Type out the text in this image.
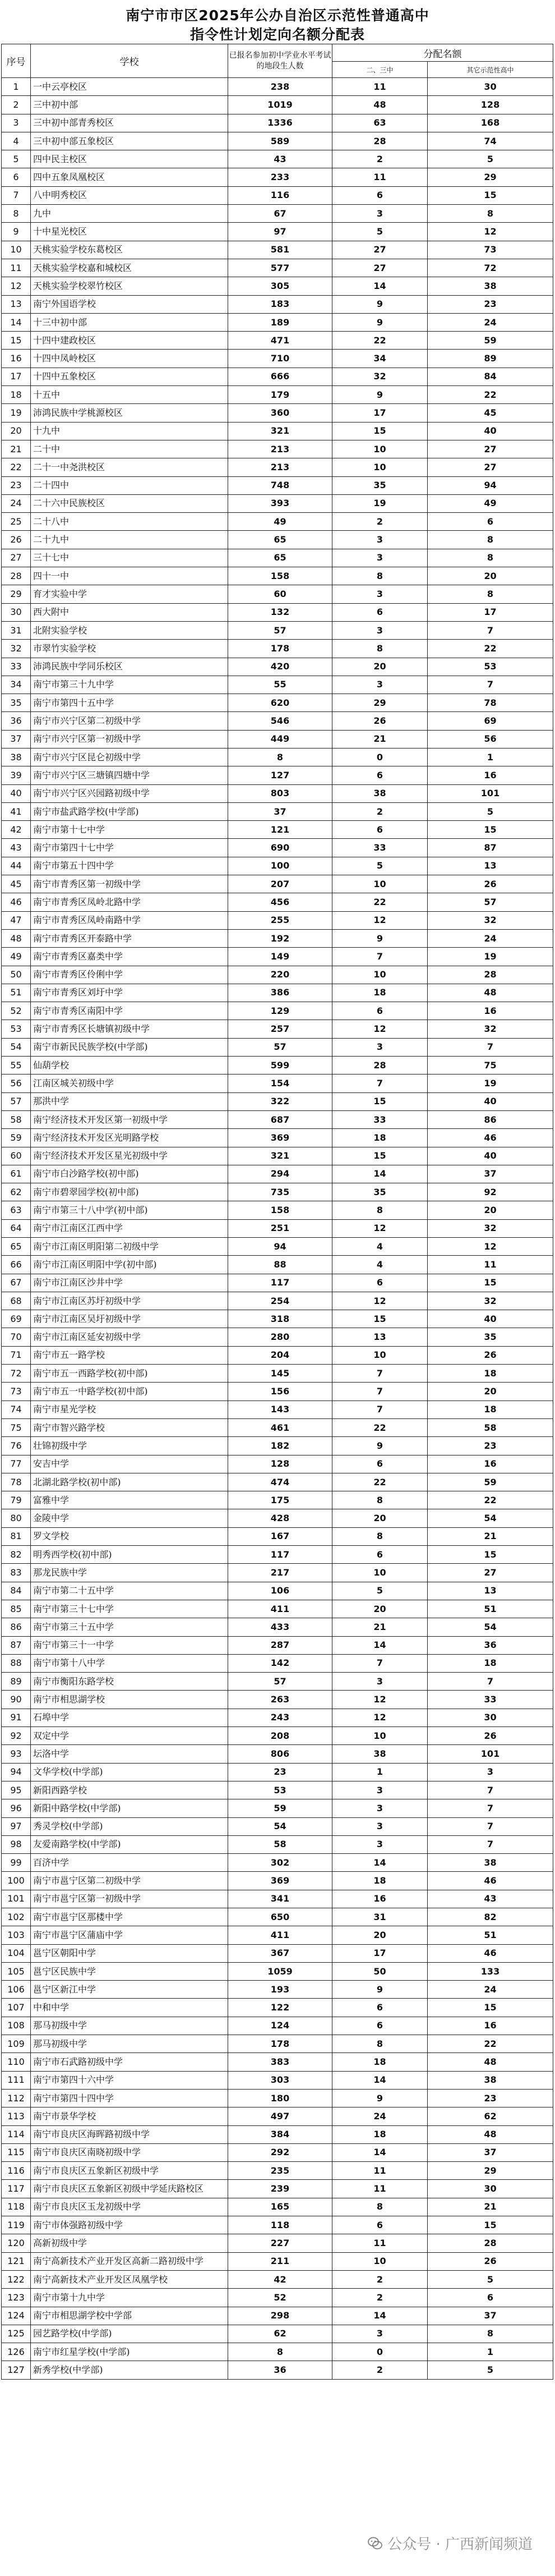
南宁市市区2025年公办自治区示范性普通高中
指令性计划定向名额分配表
序号	学校	已报名参加初中学业水平考试的地段生人数	分配名额	
			二、三中	其它示范性高中
1	一中云亭校区	238	11	30
2	三中初中部	1019	48	128
3	三中初中部青秀校区	1336	63	168
4	三中初中部五象校区	589	28	74
5	四中民主校区	43	2	5
6	四中五象凤凰校区	233	11	29
7	八中明秀校区	116	6	15
8	九中	67	3	8
9	十中星光校区	97	5	12
10	天桃实验学校东葛校区	581	27	73
11	天桃实验学校嘉和城校区	577	27	72
12	天桃实验学校翠竹校区	305	14	38
13	南宁外国语学校	183	9	23
14	十三中初中部	189	9	24
15	十四中建政校区	471	22	59
16	十四中凤岭校区	710	34	89
17	十四中五象校区	666	32	84
18	十五中	179	9	22
19	沛鸿民族中学桃源校区	360	17	45
20	十九中	321	15	40
21	二十中	213	10	27
22	二十一中尧洪校区	213	10	27
23	二十四中	748	35	94
24	二十六中民族校区	393	19	49
25	二十八中	49	2	6
26	二十九中	65	3	8
27	三十七中	65	3	8
28	四十一中	158	8	20
29	育才实验中学	60	3	8
30	西大附中	132	6	17
31	北附实验学校	57	3	7
32	市翠竹实验学校	178	8	22
33	沛鸿民族中学同乐校区	420	20	53
34	南宁市第三十九中学	55	3	7
35	南宁市第四十五中学	620	29	78
36	南宁市兴宁区第二初级中学	546	26	69
37	南宁市兴宁区第一初级中学	449	21	56
38	南宁市兴宁区昆仑初级中学	8	0	1
39	南宁市兴宁区三塘镇四塘中学	127	6	16
40	南宁市兴宁区兴园路初级中学	803	38	101
41	南宁市盐武路学校(中学部)	37	2	5
42	南宁市第十七中学	121	6	15
43	南宁市第四十七中学	690	33	87
44	南宁市第五十四中学	100	5	13
45	南宁市青秀区第一初级中学	207	10	26
46	南宁市青秀区凤岭北路中学	456	22	57
47	南宁市青秀区凤岭南路中学	255	12	32
48	南宁市青秀区开泰路中学	192	9	24
49	南宁市青秀区嘉类中学	149	7	19
50	南宁市青秀区伶俐中学	220	10	28
51	南宁市青秀区刘圩中学	386	18	48
52	南宁市青秀区南阳中学	129	6	16
53	南宁市青秀区长塘镇初级中学	257	12	32
54	南宁市新民民族学校(中学部)	57	3	7
55	仙葫学校	599	28	75
56	江南区城关初级中学	154	7	19
57	那洪中学	322	15	40
58	南宁经济技术开发区第一初级中学	687	33	86
59	南宁经济技术开发区光明路学校	369	18	46
60	南宁经济技术开发区星光初级中学	321	15	40
61	南宁市白沙路学校(初中部)	294	14	37
62	南宁市碧翠园学校(初中部)	735	35	92
63	南宁市第三十八中学(初中部)	158	8	20
64	南宁市江南区江西中学	251	12	32
65	南宁市江南区明阳第二初级中学	94	4	12
66	南宁市江南区明阳中学(初中部)	88	4	11
67	南宁市江南区沙井中学	117	6	15
68	南宁市江南区苏圩初级中学	254	12	32
69	南宁市江南区吴圩初级中学	318	15	40
70	南宁市江南区延安初级中学	280	13	35
71	南宁市五一路学校	204	10	26
72	南宁市五一西路学校(初中部)	145	7	18
73	南宁市五一中路学校(初中部)	156	7	20
74	南宁市星光学校	143	7	18
75	南宁市智兴路学校	461	22	58
76	壮锦初级中学	182	9	23
77	安吉中学	128	6	16
78	北湖北路学校(初中部)	474	22	59
79	富雅中学	175	8	22
80	金陵中学	428	20	54
81	罗文学校	167	8	21
82	明秀西学校(初中部)	117	6	15
83	那龙民族中学	217	10	27
84	南宁市第二十五中学	106	5	13
85	南宁市第三十七中学	411	20	51
86	南宁市第三十五中学	433	21	54
87	南宁市第三十一中学	287	14	36
88	南宁市第十八中学	142	7	18
89	南宁市衡阳东路学校	57	3	7
90	南宁市相思湖学校	263	12	33
91	石埠中学	243	12	30
92	双定中学	208	10	26
93	坛洛中学	806	38	101
94	文华学校(中学部)	23	1	3
95	新阳西路学校	53	3	7
96	新阳中路学校(中学部)	59	3	7
97	秀灵学校(中学部)	54	3	7
98	友爱南路学校(中学部)	58	3	7
99	百济中学	302	14	38
100	南宁市邕宁区第二初级中学	369	18	46
101	南宁市邕宁区第一初级中学	341	16	43
102	南宁市邕宁区那楼中学	650	31	82
103	南宁市邕宁区蒲庙中学	411	20	51
104	邕宁区朝阳中学	367	17	46
105	邕宁区民族中学	1059	50	133
106	邕宁区新江中学	193	9	24
107	中和中学	122	6	15
108	那马初级中学	124	6	16
109	那马初级中学	178	8	22
110	南宁市石武路初级中学	383	18	48
111	南宁市第四十六中学	303	14	38
112	南宁市第四十四中学	180	9	23
113	南宁市景华学校	497	24	62
114	南宁市良庆区海晖路初级中学	384	18	48
115	南宁市良庆区南晓初级中学	292	14	37
116	南宁市良庆区五象新区初级中学	235	11	29
117	南宁市良庆区五象新区初级中学延庆路校区	239	11	30
118	南宁市良庆区玉龙初级中学	165	8	21
119	南宁市体强路初级中学	118	6	15
120	高新初级中学	227	11	28
121	南宁高新技术产业开发区高新二路初级中学	211	10	26
122	南宁高新技术产业开发区凤凰学校	42	2	5
123	南宁市第十九中学	52	2	6
124	南宁市相思湖学校中学部	298	14	37
125	园艺路学校(中学部)	62	3	8
126	南宁市红星学校(中学部)	8	0	1
127	新秀学校(中学部)	36	2	5
公众号 · 广西新闻频道
